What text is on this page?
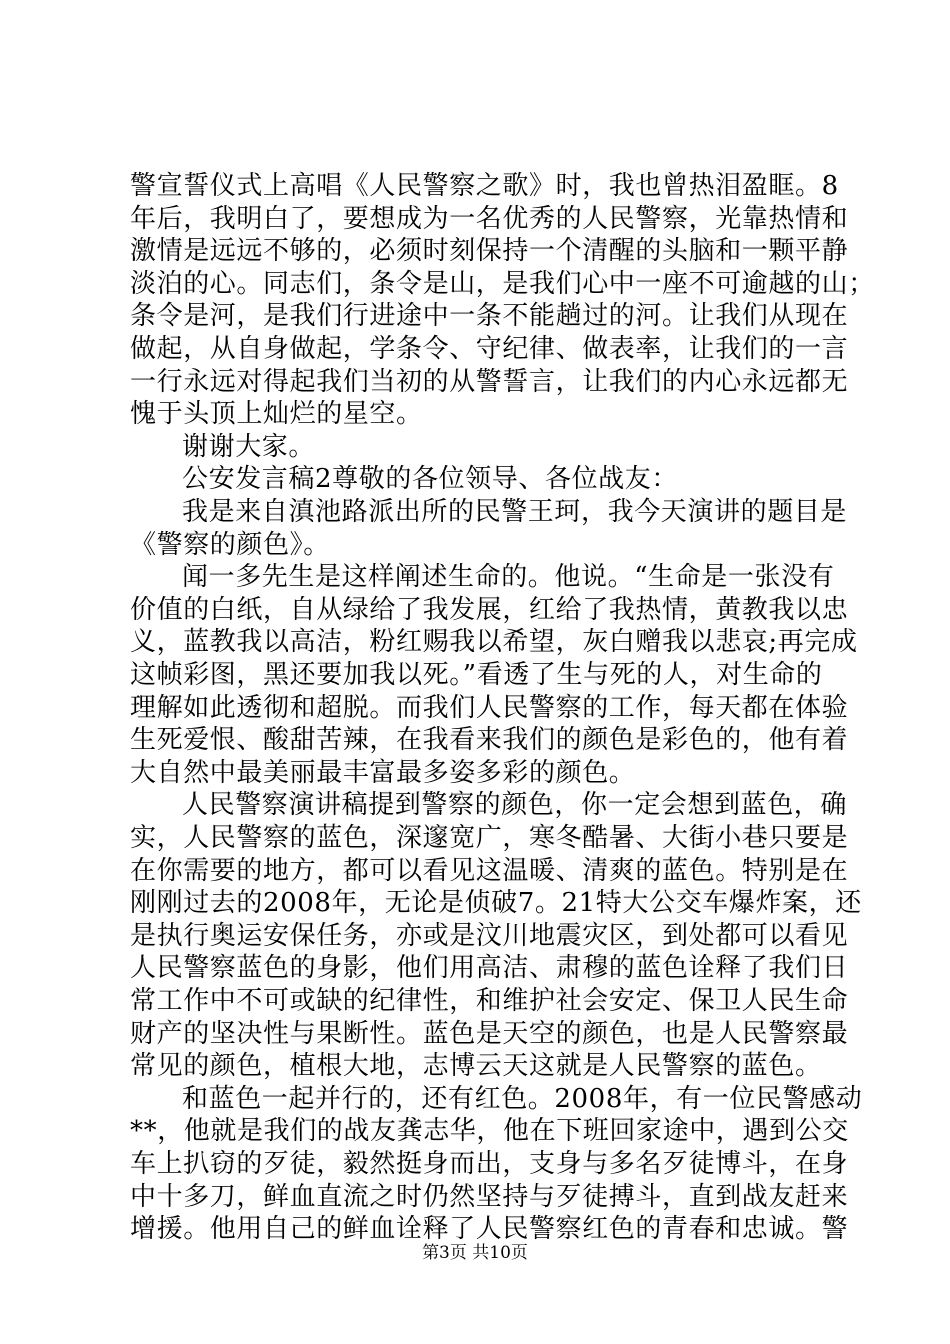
第3页 共10页
警宣誓仪式上高唱《人民警察之歌》时，我也曾热泪盈眶。8
年后，我明白了，要想成为一名优秀的人民警察，光靠热情和
激情是远远不够的，必须时刻保持一个清醒的头脑和一颗平静
淡泊的心。同志们，条令是山，是我们心中一座不可逾越的山；
条令是河，是我们行进途中一条不能趟过的河。让我们从现在
做起，从自身做起，学条令、守纪律、做表率，让我们的一言
一行永远对得起我们当初的从警誓言，让我们的内心永远都无
愧于头顶上灿烂的星空。
谢谢大家。
公安发言稿2尊敬的各位领导、各位战友：
我是来自滇池路派出所的民警王珂，我今天演讲的题目是
《警察的颜色》。
闻一多先生是这样阐述生命的。他说。“生命是一张没有
价值的白纸，自从绿给了我发展，红给了我热情，黄教我以忠
义，蓝教我以高洁，粉红赐我以希望，灰白赠我以悲哀;再完成
这帧彩图，黑还要加我以死。”看透了生与死的人，对生命的
理解如此透彻和超脱。而我们人民警察的工作，每天都在体验
生死爱恨、酸甜苦辣，在我看来我们的颜色是彩色的，他有着
大自然中最美丽最丰富最多姿多彩的颜色。
人民警察演讲稿提到警察的颜色，你一定会想到蓝色，确
实，人民警察的蓝色，深邃宽广，寒冬酷暑、大街小巷只要是
在你需要的地方，都可以看见这温暖、清爽的蓝色。特别是在
刚刚过去的2008年，无论是侦破7。21特大公交车爆炸案，还
是执行奥运安保任务，亦或是汶川地震灾区，到处都可以看见
人民警察蓝色的身影，他们用高洁、肃穆的蓝色诠释了我们日
常工作中不可或缺的纪律性，和维护社会安定、保卫人民生命
财产的坚决性与果断性。蓝色是天空的颜色，也是人民警察最
常见的颜色，植根大地，志博云天这就是人民警察的蓝色。
和蓝色一起并行的，还有红色。2008年，有一位民警感动
**，他就是我们的战友龚志华，他在下班回家途中，遇到公交
车上扒窃的歹徒，毅然挺身而出，支身与多名歹徒博斗，在身
中十多刀，鲜血直流之时仍然坚持与歹徒搏斗，直到战友赶来
增援。他用自己的鲜血诠释了人民警察红色的青春和忠诚。警
